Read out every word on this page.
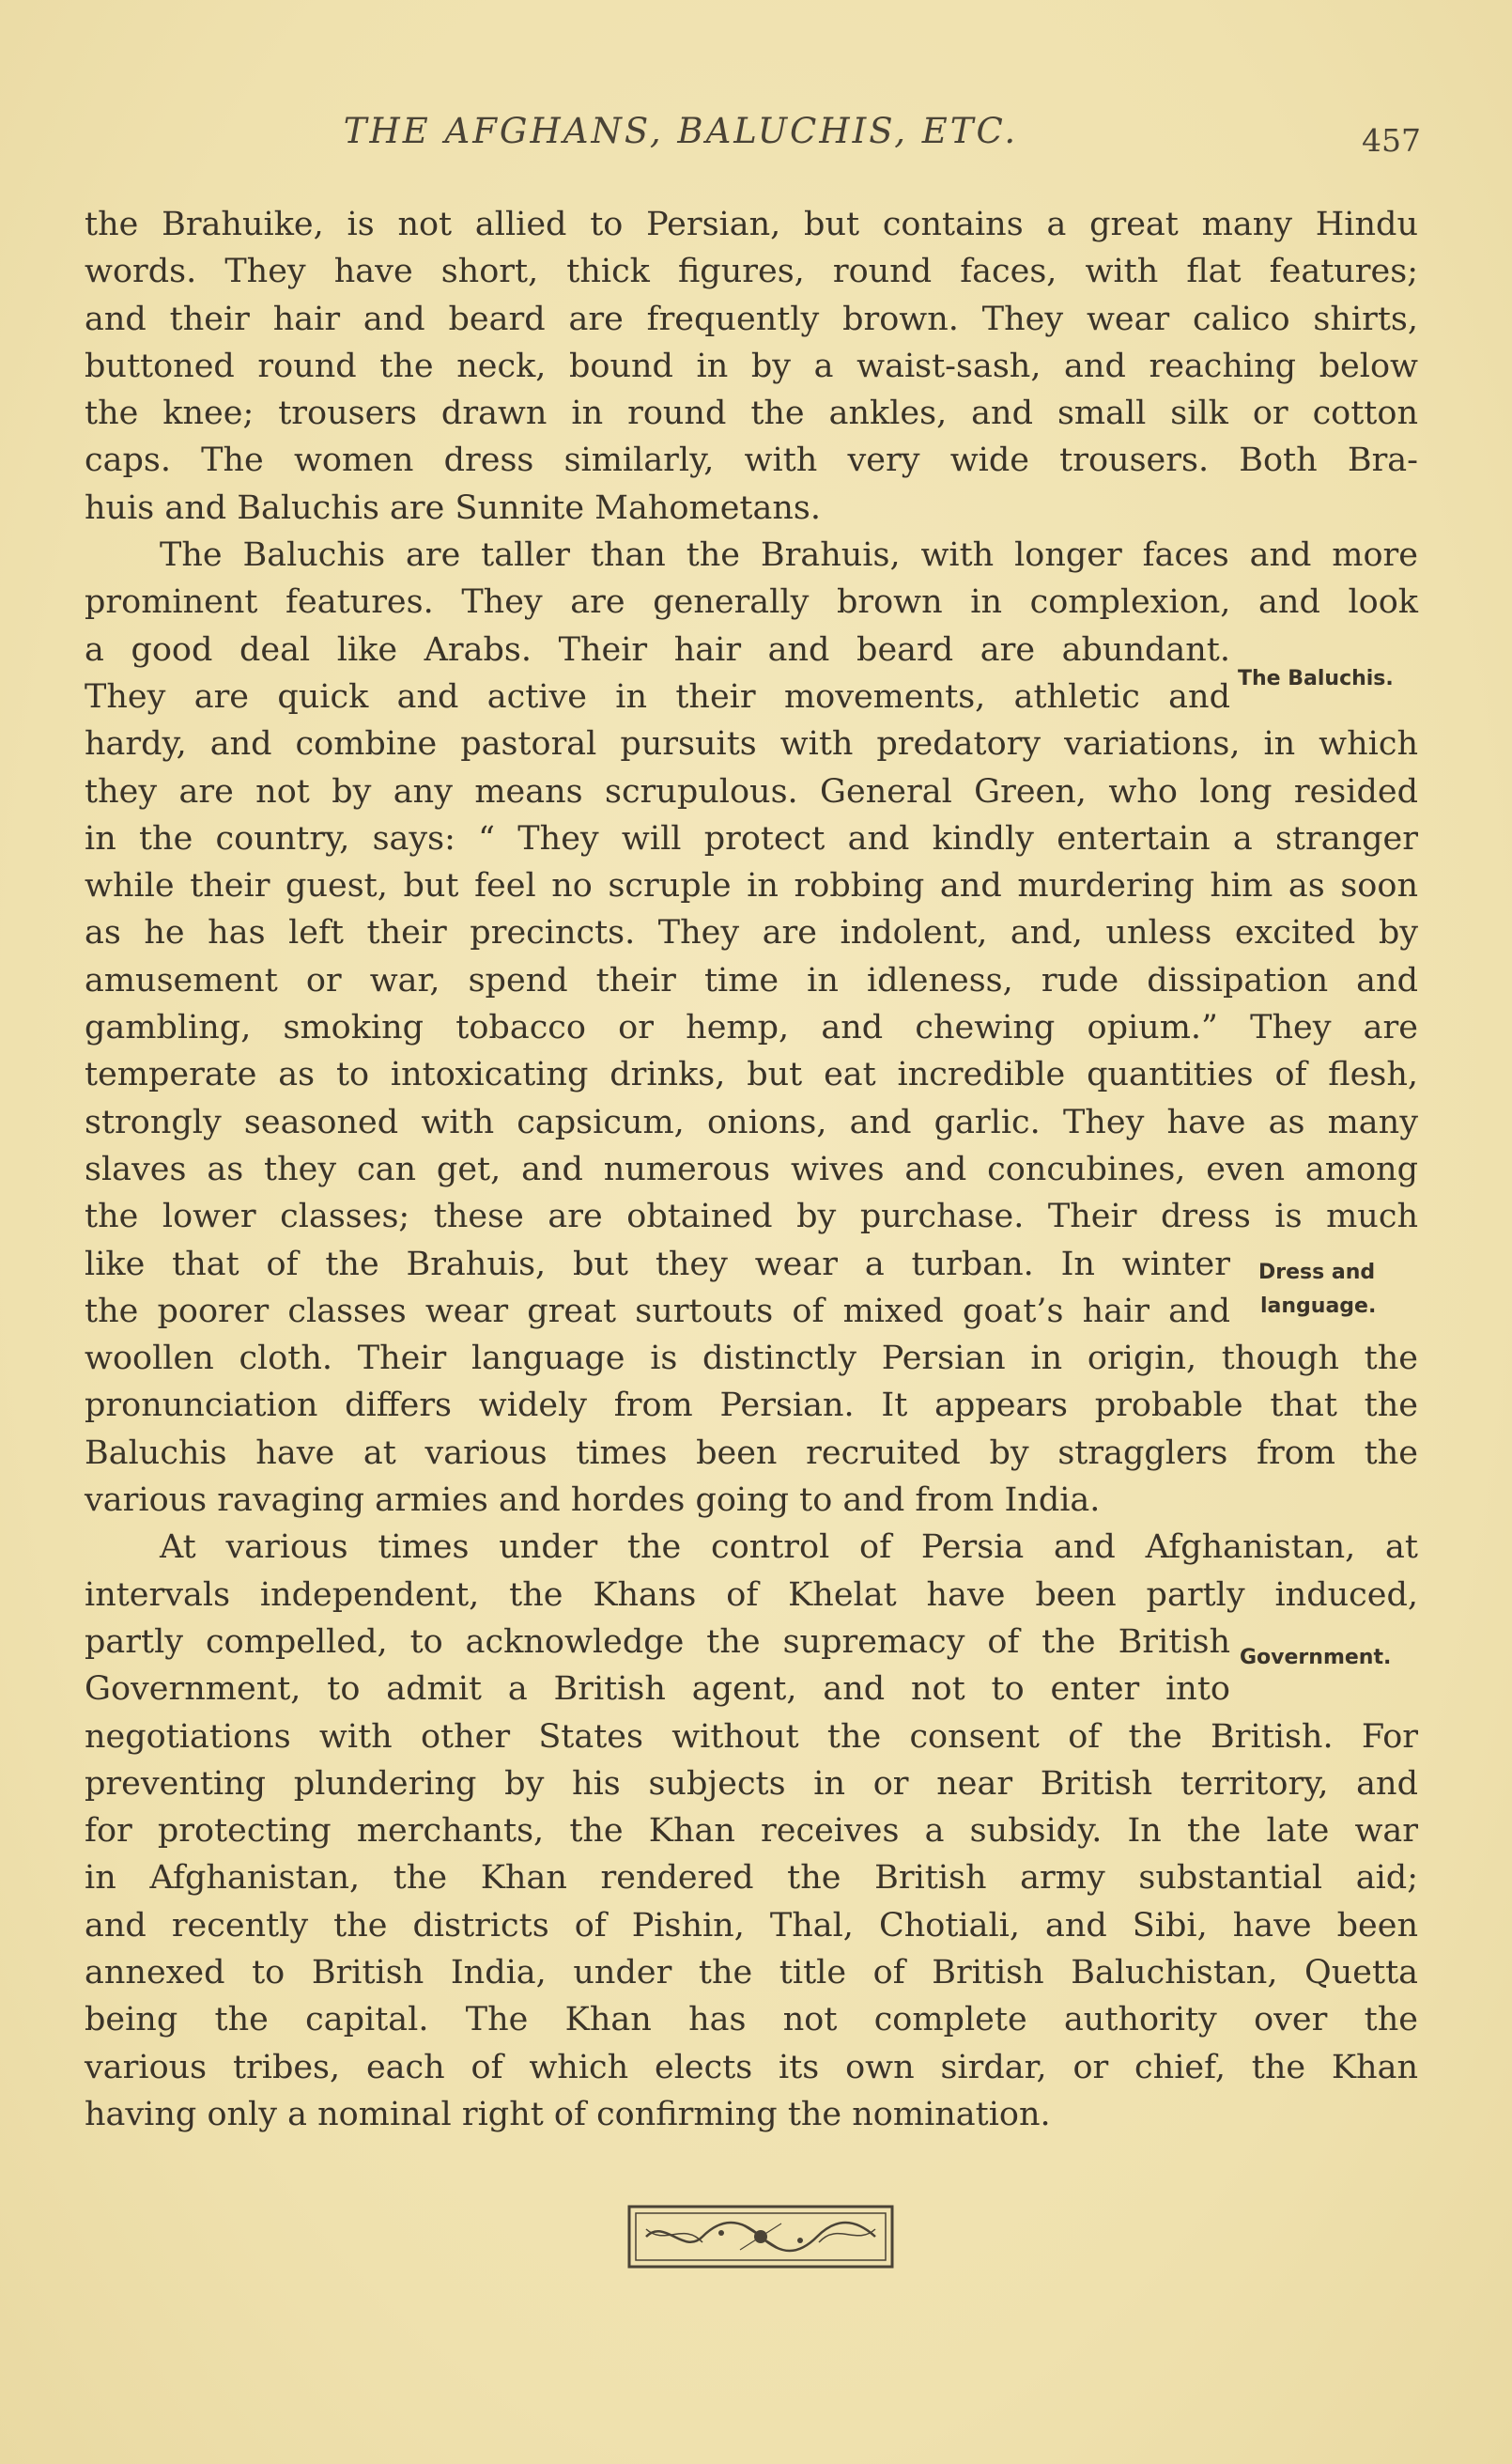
THE AFGHANS, BALUCHIS, ETC.	457
the Brahuike, is not allied to Persian, but contains a great many Hindu
words. They have short, thick figures, round faces, with flat features;
and their hair and beard are frequently brown. They wear calico shirts,
buttoned round the neck, bound in by a waist-sash, and reaching below
the knee; trousers drawn in round the ankles, and small silk or cotton
caps. The women dress similarly, with very wide trousers. Both Bra-
huis and Baluchis are Sunnite Mahometans.
The Baluchis are taller than the Brahuis, with longer faces and more
prominent features. They are generally brown in complexion, and look
a good deal like Arabs. Their hair and beard are abundant.
They are quick and active in their movements, athletic and
hardy, and combine pastoral pursuits with predatory variations, in which
they are not by any means scrupulous. General Green, who long resided
in the country, says: “ They will protect and kindly entertain a stranger
while their guest, but feel no scruple in robbing and murdering him as soon
as he has left their precincts. They are indolent, and, unless excited by
amusement or war, spend their time in idleness, rude dissipation and
gambling, smoking tobacco or hemp, and chewing opium.” They are
temperate as to intoxicating drinks, but eat incredible quantities of flesh,
strongly seasoned with capsicum, onions, and garlic. They have as many
slaves as they can get, and numerous wives and concubines, even among
the lower classes; these are obtained by purchase. Their dress is much
like that of the Brahuis, but they wear a turban. In winter
the poorer classes wear great surtouts of mixed goat’s hair and
woollen cloth. Their language is distinctly Persian in origin, though the
pronunciation differs widely from Persian. It appears probable that the
Baluchis have at various times been recruited by stragglers from the
various ravaging armies and hordes going to and from India.
At various times under the control of Persia and Afghanistan, at
intervals independent, the Khans of Khelat have been partly induced,
partly compelled, to acknowledge the supremacy of the British
Government, to admit a British agent, and not to enter into
negotiations with other States without the consent of the British. For
preventing plundering by his subjects in or near British territory, and
for protecting merchants, the Khan receives a subsidy. In the late war
in Afghanistan, the Khan rendered the British army substantial aid;
and recently the districts of Pishin, Thal, Chotiali, and Sibi, have been
annexed to British India, under the title of British Baluchistan, Quetta
being the capital. The Khan has not complete authority over the
various tribes, each of which elects its own sirdar, or chief, the Khan
having only a nominal right of confirming the nomination.
The Baluchis.
Dress and
language.
Government.
